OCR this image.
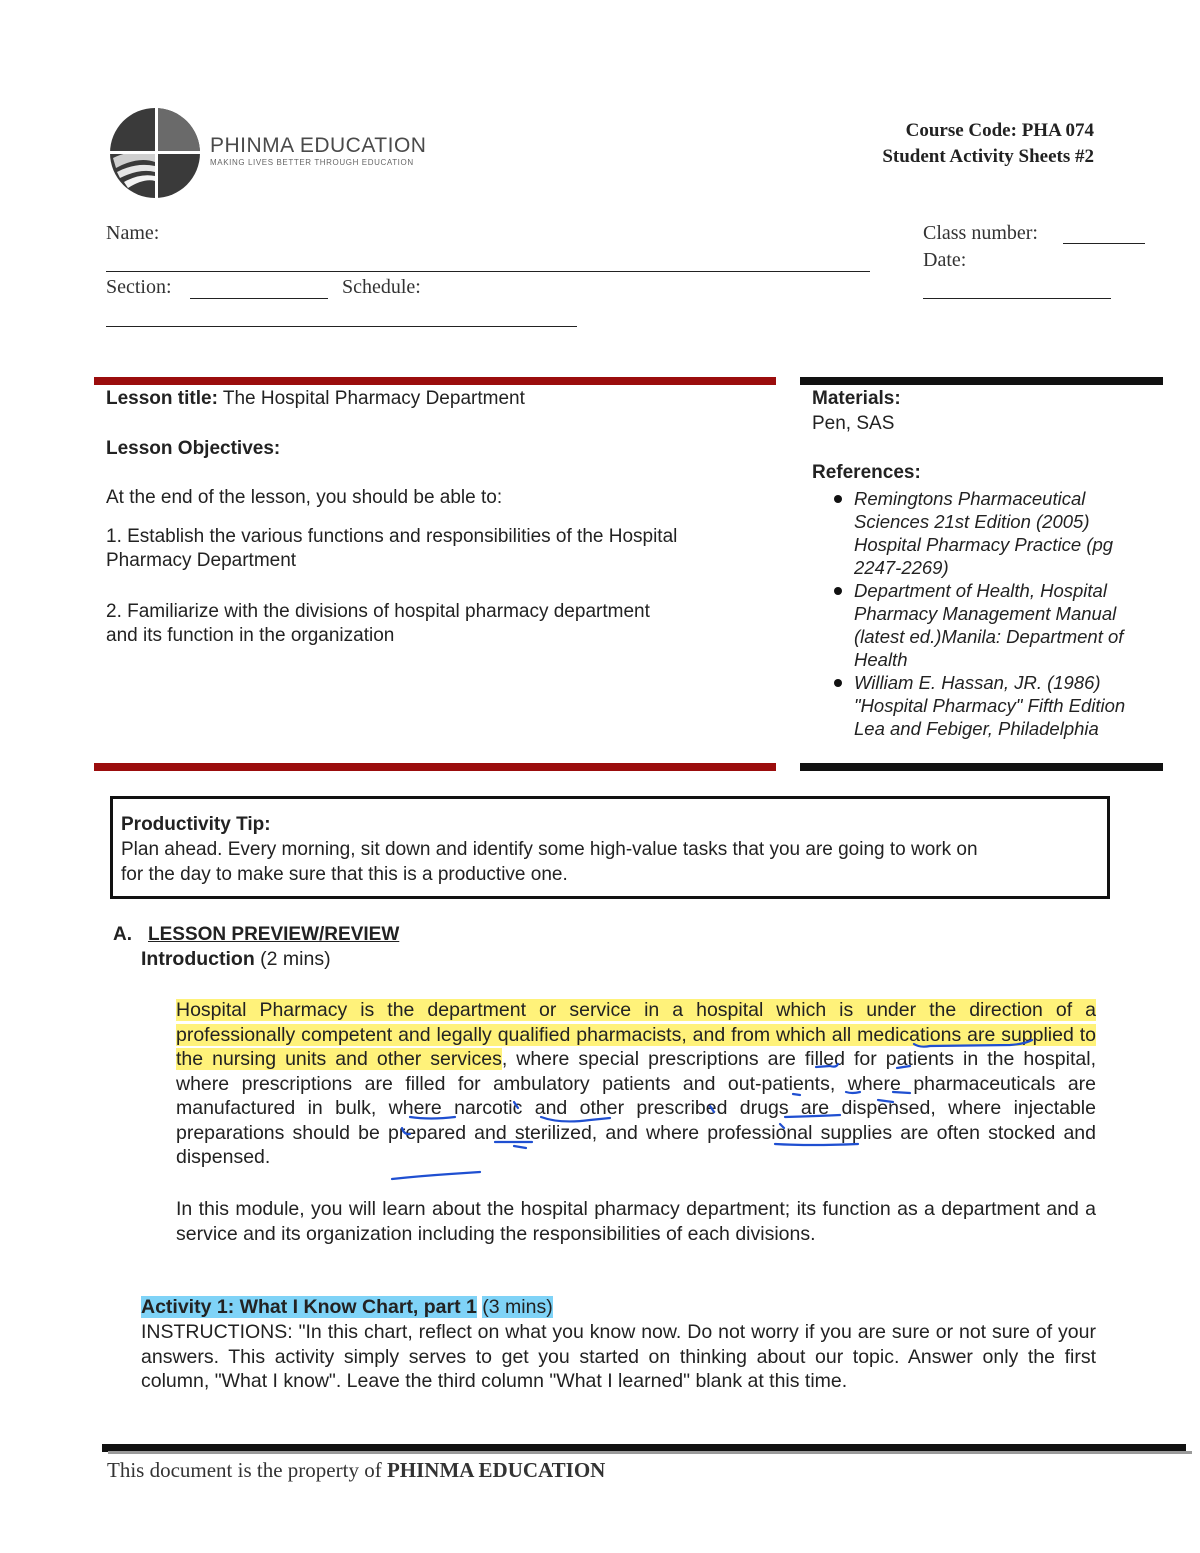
PHINMA EDUCATION
MAKING LIVES BETTER THROUGH EDUCATION
Course Code: PHA 074
Student Activity Sheets #2
Name:
Section:	Schedule:
Class number:
Date:
Lesson title: The Hospital Pharmacy Department
Lesson Objectives:
At the end of the lesson, you should be able to:
1. Establish the various functions and responsibilities of the Hospital
Pharmacy Department
2. Familiarize with the divisions of hospital pharmacy department
and its function in the organization
Materials:
Pen, SAS
References:
Remingtons Pharmaceutical
Sciences 21st Edition (2005)
Hospital Pharmacy Practice (pg
2247-2269)
Department of Health, Hospital
Pharmacy Management Manual
(latest ed.)Manila: Department of
Health
William E. Hassan, JR. (1986)
"Hospital Pharmacy" Fifth Edition
Lea and Febiger, Philadelphia
Productivity Tip:
Plan ahead. Every morning, sit down and identify some high-value tasks that you are going to work on
for the day to make sure that this is a productive one.
A. LESSON PREVIEW/REVIEW
Introduction (2 mins)
Hospital Pharmacy is the department or service in a hospital which is under the direction of a professionally competent and legally qualified pharmacists, and from which all medications are supplied to the nursing units and other services, where special prescriptions are filled for patients in the hospital, where prescriptions are filled for ambulatory patients and out-patients, where pharmaceuticals are manufactured in bulk, where narcotic and other prescribed drugs are dispensed, where injectable preparations should be prepared and sterilized, and where professional supplies are often stocked and dispensed.
In this module, you will learn about the hospital pharmacy department; its function as a department and a service and its organization including the responsibilities of each divisions.
Activity 1: What I Know Chart, part 1 (3 mins)
INSTRUCTIONS: "In this chart, reflect on what you know now. Do not worry if you are sure or not sure of your answers. This activity simply serves to get you started on thinking about our topic. Answer only the first column, "What I know". Leave the third column "What I learned" blank at this time.
This document is the property of PHINMA EDUCATION
